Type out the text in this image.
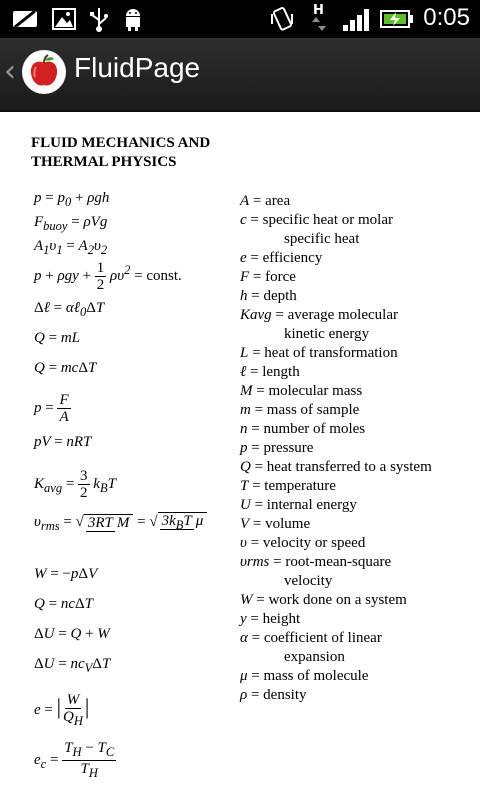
H	0:05
‹ FluidPage
FLUID MECHANICS AND
THERMAL PHYSICS
$p = p_0 + \rho gh$
$F_{buoy} = \rho Vg$
$A_1\upsilon_1 = A_2\upsilon_2$
$p + \rho gy + \frac{1}{2} \rho\upsilon^2$ = const.
Δℓ = αℓ$_0$ΔT
Q = mL
Q = mcΔT
$p = \frac{F}{A}$
pV = nRT
$K_{avg} = \frac{3}{2} k_BT$
$\upsilon_{rms}$ = √ 3RT M = √ $3k_BT$ μ
W = −pΔV
Q = ncΔT
ΔU = Q + W
$\Delta U = nc_V\Delta T$
e = | $\frac{W}{Q_H}$ |
$e_c = \frac{T_H - T_C}{T_H}$
A = area
c = specific heat or molar
specific heat
e = efficiency
F = force
h = depth
Kavg = average molecular
kinetic energy
L = heat of transformation
ℓ = length
M = molecular mass
m = mass of sample
n = number of moles
p = pressure
Q = heat transferred to a system
T = temperature
U = internal energy
V = volume
υ = velocity or speed
υrms = root-mean-square
velocity
W = work done on a system
y = height
α = coefficient of linear
expansion
μ = mass of molecule
ρ = density
